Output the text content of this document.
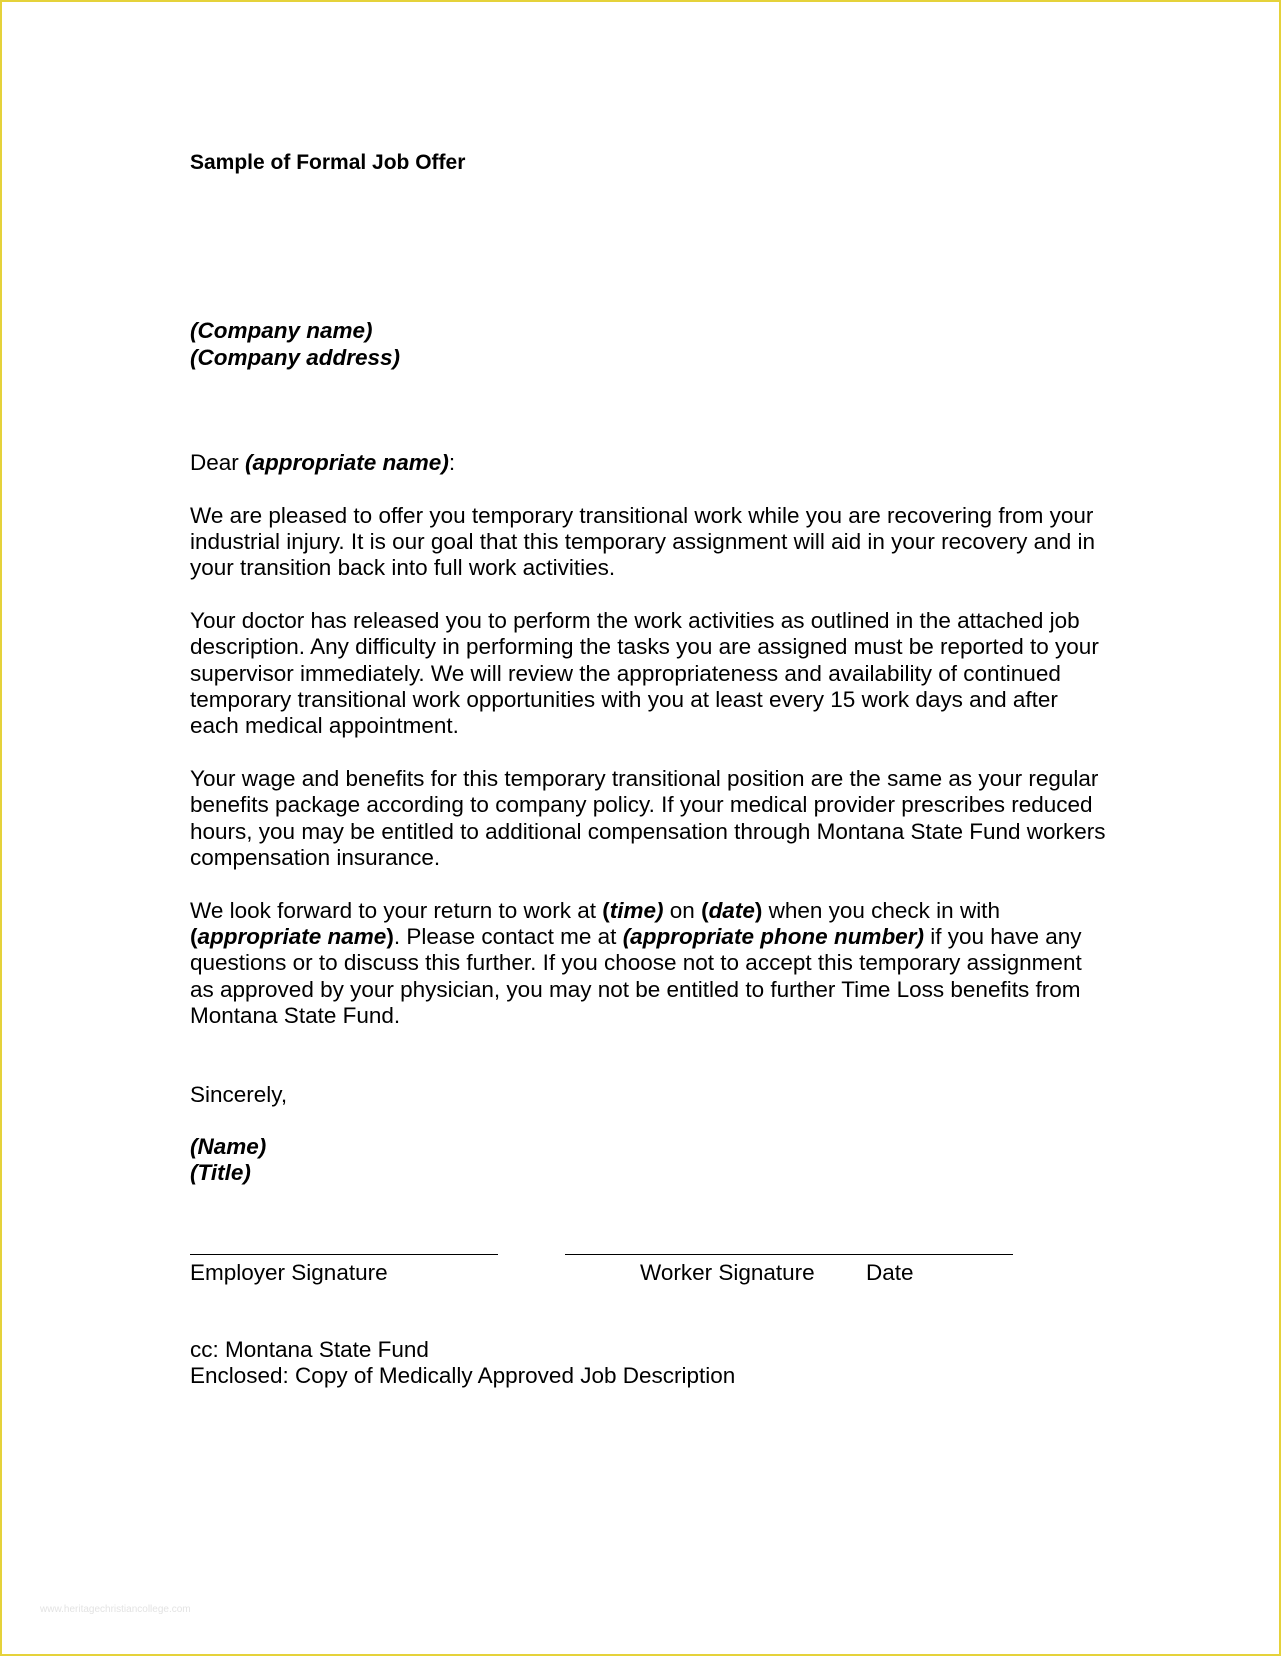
Sample of Formal Job Offer

(Company name)

(Company address)

Dear (appropriate name):

We are pleased to offer you temporary transitional work while you are recovering from your industrial injury. It is our goal that this temporary assignment will aid in your recovery and in your transition back into full work activities.

Your doctor has released you to perform the work activities as outlined in the attached job description. Any difficulty in performing the tasks you are assigned must be reported to your supervisor immediately. We will review the appropriateness and availability of continued temporary transitional work opportunities with you at least every 15 work days and after each medical appointment.

Your wage and benefits for this temporary transitional position are the same as your regular benefits package according to company policy. If your medical provider prescribes reduced hours, you may be entitled to additional compensation through Montana State Fund workers compensation insurance.

We look forward to your return to work at (time) on (date) when you check in with (appropriate name). Please contact me at (appropriate phone number) if you have any questions or to discuss this further. If you choose not to accept this temporary assignment as approved by your physician, you may not be entitled to further Time Loss benefits from Montana State Fund.

Sincerely,

(Name)

(Title)

Employer Signature	Worker Signature Date

cc: Montana State Fund

Enclosed: Copy of Medically Approved Job Description

www.heritagechristiancollege.com
